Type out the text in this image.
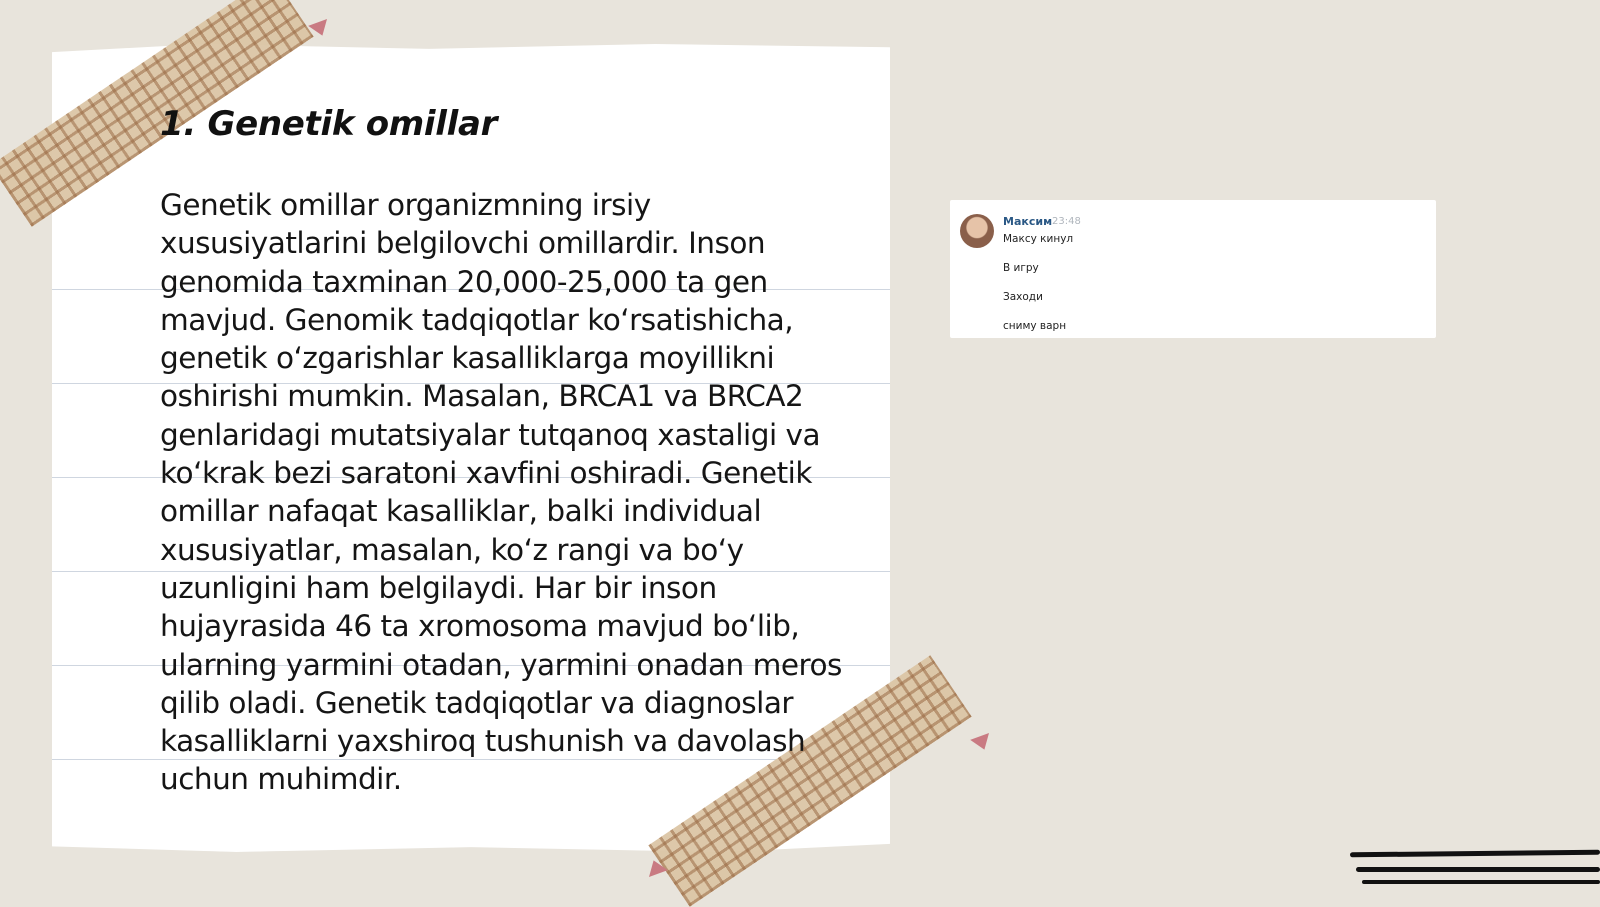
1. Genetik omillar

Genetik omillar organizmning irsiy xususiyatlarini belgilovchi omillardir. Inson genomida taxminan 20,000-25,000 ta gen mavjud. Genomik tadqiqotlar ko‘rsatishicha, genetik o‘zgarishlar kasalliklarga moyillikni oshirishi mumkin. Masalan, BRCA1 va BRCA2 genlaridagi mutatsiyalar tutqanoq xastaligi va ko‘krak bezi saratoni xavfini oshiradi. Genetik omillar nafaqat kasalliklar, balki individual xususiyatlar, masalan, ko‘z rangi va bo‘y uzunligini ham belgilaydi. Har bir inson hujayrasida 46 ta xromosoma mavjud bo‘lib, ularning yarmini otadan, yarmini onadan meros qilib oladi. Genetik tadqiqotlar va diagnoslar kasalliklarni yaxshiroq tushunish va davolash uchun muhimdir.

Максим 23:48
Максу кинул
В игру
Заходи
сниму варн
